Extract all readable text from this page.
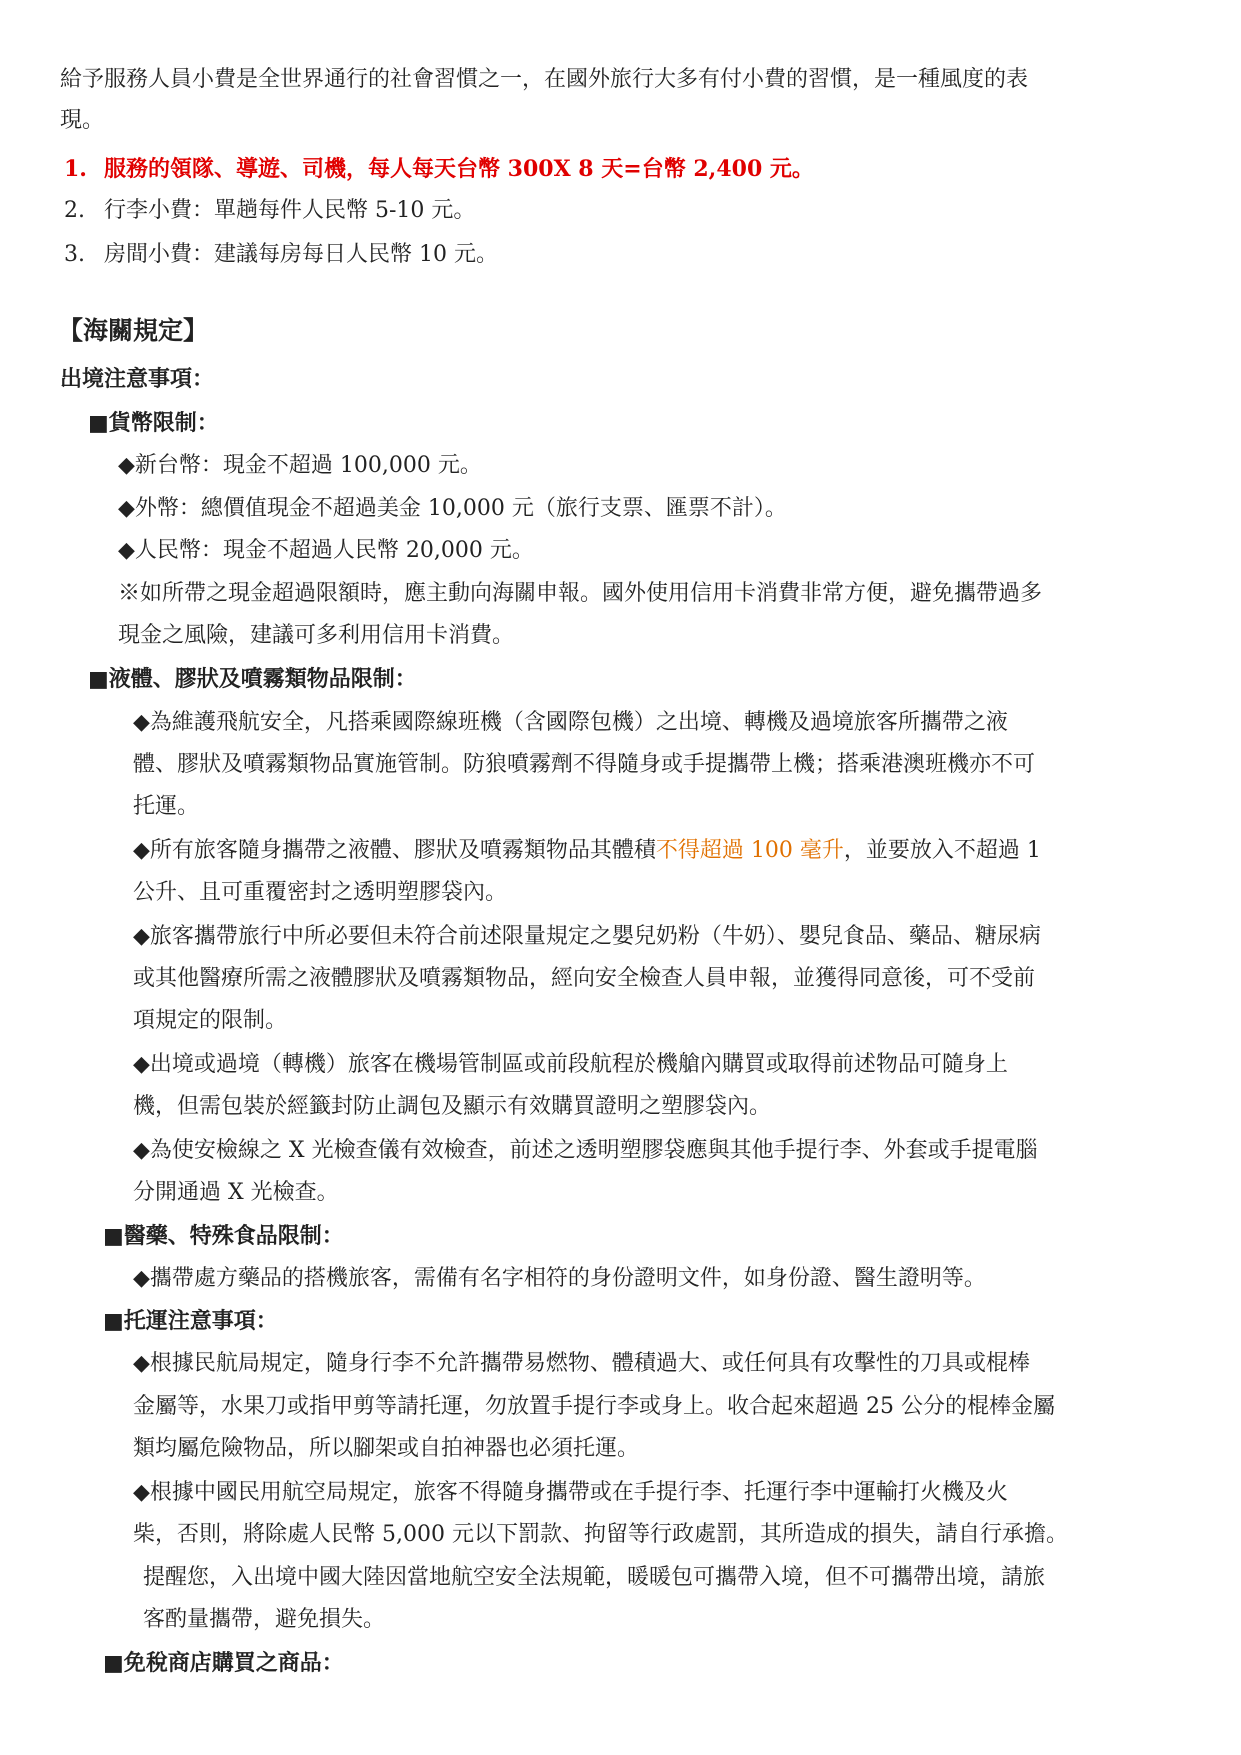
給予服務人員小費是全世界通行的社會習慣之一，在國外旅行大多有付小費的習慣，是一種風度的表
現。
1. 服務的領隊、導遊、司機，每人每天台幣 300X 8 天=台幣 2,400 元。
2. 行李小費：單趟每件人民幣 5-10 元。
3. 房間小費：建議每房每日人民幣 10 元。
【海關規定】
出境注意事項：
■貨幣限制：
◆新台幣：現金不超過 100,000 元。
◆外幣：總價值現金不超過美金 10,000 元（旅行支票、匯票不計）。
◆人民幣：現金不超過人民幣 20,000 元。
※如所帶之現金超過限額時，應主動向海關申報。國外使用信用卡消費非常方便，避免攜帶過多
現金之風險，建議可多利用信用卡消費。
■液體、膠狀及噴霧類物品限制：
◆為維護飛航安全，凡搭乘國際線班機（含國際包機）之出境、轉機及過境旅客所攜帶之液
體、膠狀及噴霧類物品實施管制。防狼噴霧劑不得隨身或手提攜帶上機；搭乘港澳班機亦不可
托運。
◆所有旅客隨身攜帶之液體、膠狀及噴霧類物品其體積不得超過 100 毫升，並要放入不超過 1
公升、且可重覆密封之透明塑膠袋內。
◆旅客攜帶旅行中所必要但未符合前述限量規定之嬰兒奶粉（牛奶）、嬰兒食品、藥品、糖尿病
或其他醫療所需之液體膠狀及噴霧類物品，經向安全檢查人員申報，並獲得同意後，可不受前
項規定的限制。
◆出境或過境（轉機）旅客在機場管制區或前段航程於機艙內購買或取得前述物品可隨身上
機，但需包裝於經籤封防止調包及顯示有效購買證明之塑膠袋內。
◆為使安檢線之 X 光檢查儀有效檢查，前述之透明塑膠袋應與其他手提行李、外套或手提電腦
分開通過 X 光檢查。
■醫藥、特殊食品限制：
◆攜帶處方藥品的搭機旅客，需備有名字相符的身份證明文件，如身份證、醫生證明等。
■托運注意事項：
◆根據民航局規定，隨身行李不允許攜帶易燃物、體積過大、或任何具有攻擊性的刀具或棍棒
金屬等，水果刀或指甲剪等請托運，勿放置手提行李或身上。收合起來超過 25 公分的棍棒金屬
類均屬危險物品，所以腳架或自拍神器也必須托運。
◆根據中國民用航空局規定，旅客不得隨身攜帶或在手提行李、托運行李中運輸打火機及火
柴，否則，將除處人民幣 5,000 元以下罰款、拘留等行政處罰，其所造成的損失，請自行承擔。
提醒您，入出境中國大陸因當地航空安全法規範，暖暖包可攜帶入境，但不可攜帶出境，請旅
客酌量攜帶，避免損失。
■免稅商店購買之商品：
